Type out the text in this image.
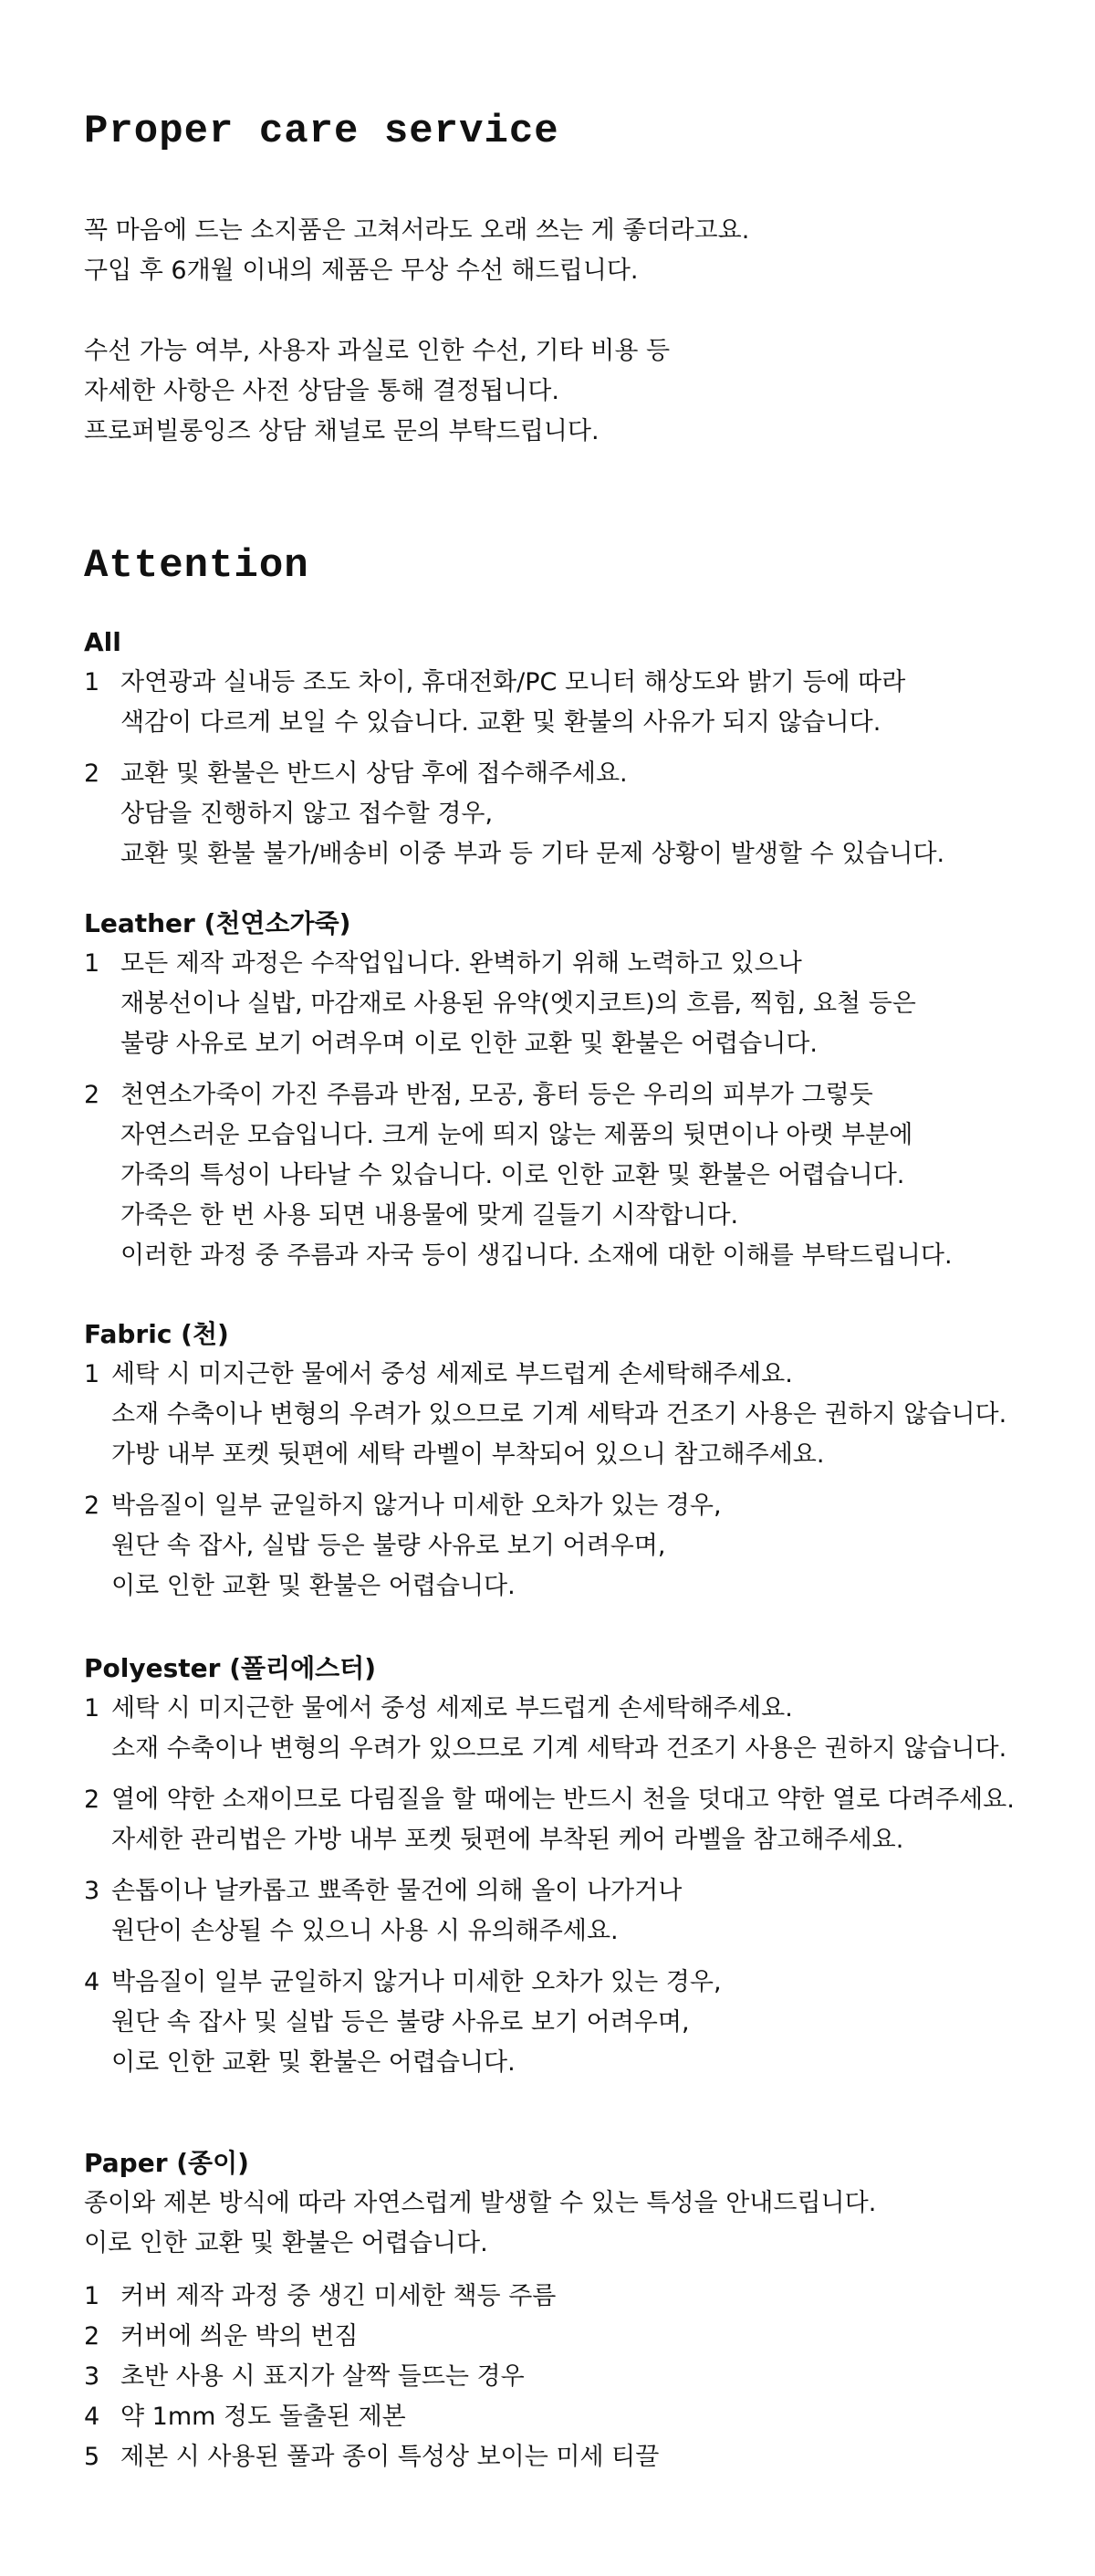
Proper care service

꼭 마음에 드는 소지품은 고쳐서라도 오래 쓰는 게 좋더라고요.
구입 후 6개월 이내의 제품은 무상 수선 해드립니다.

수선 가능 여부, 사용자 과실로 인한 수선, 기타 비용 등
자세한 사항은 사전 상담을 통해 결정됩니다.
프로퍼빌롱잉즈 상담 채널로 문의 부탁드립니다.

Attention
All
1 자연광과 실내등 조도 차이, 휴대전화/PC 모니터 해상도와 밝기 등에 따라
색감이 다르게 보일 수 있습니다. 교환 및 환불의 사유가 되지 않습니다.
2 교환 및 환불은 반드시 상담 후에 접수해주세요.
상담을 진행하지 않고 접수할 경우,
교환 및 환불 불가/배송비 이중 부과 등 기타 문제 상황이 발생할 수 있습니다.
Leather (천연소가죽)
1 모든 제작 과정은 수작업입니다. 완벽하기 위해 노력하고 있으나
재봉선이나 실밥, 마감재로 사용된 유약(엣지코트)의 흐름, 찍힘, 요철 등은
불량 사유로 보기 어려우며 이로 인한 교환 및 환불은 어렵습니다.
2 천연소가죽이 가진 주름과 반점, 모공, 흉터 등은 우리의 피부가 그렇듯
자연스러운 모습입니다. 크게 눈에 띄지 않는 제품의 뒷면이나 아랫 부분에
가죽의 특성이 나타날 수 있습니다. 이로 인한 교환 및 환불은 어렵습니다.
가죽은 한 번 사용 되면 내용물에 맞게 길들기 시작합니다.
이러한 과정 중 주름과 자국 등이 생깁니다. 소재에 대한 이해를 부탁드립니다.
Fabric (천)
1 세탁 시 미지근한 물에서 중성 세제로 부드럽게 손세탁해주세요.
소재 수축이나 변형의 우려가 있으므로 기계 세탁과 건조기 사용은 권하지 않습니다.
가방 내부 포켓 뒷편에 세탁 라벨이 부착되어 있으니 참고해주세요.
2 박음질이 일부 균일하지 않거나 미세한 오차가 있는 경우,
원단 속 잡사, 실밥 등은 불량 사유로 보기 어려우며,
이로 인한 교환 및 환불은 어렵습니다.
Polyester (폴리에스터)
1 세탁 시 미지근한 물에서 중성 세제로 부드럽게 손세탁해주세요.
소재 수축이나 변형의 우려가 있으므로 기계 세탁과 건조기 사용은 권하지 않습니다.
2 열에 약한 소재이므로 다림질을 할 때에는 반드시 천을 덧대고 약한 열로 다려주세요.
자세한 관리법은 가방 내부 포켓 뒷편에 부착된 케어 라벨을 참고해주세요.
3 손톱이나 날카롭고 뾰족한 물건에 의해 올이 나가거나
원단이 손상될 수 있으니 사용 시 유의해주세요.
4 박음질이 일부 균일하지 않거나 미세한 오차가 있는 경우,
원단 속 잡사 및 실밥 등은 불량 사유로 보기 어려우며,
이로 인한 교환 및 환불은 어렵습니다.
Paper (종이)

종이와 제본 방식에 따라 자연스럽게 발생할 수 있는 특성을 안내드립니다.
이로 인한 교환 및 환불은 어렵습니다.

1 커버 제작 과정 중 생긴 미세한 책등 주름
2 커버에 씌운 박의 번짐
3 초반 사용 시 표지가 살짝 들뜨는 경우
4 약 1mm 정도 돌출된 제본
5 제본 시 사용된 풀과 종이 특성상 보이는 미세 티끌
